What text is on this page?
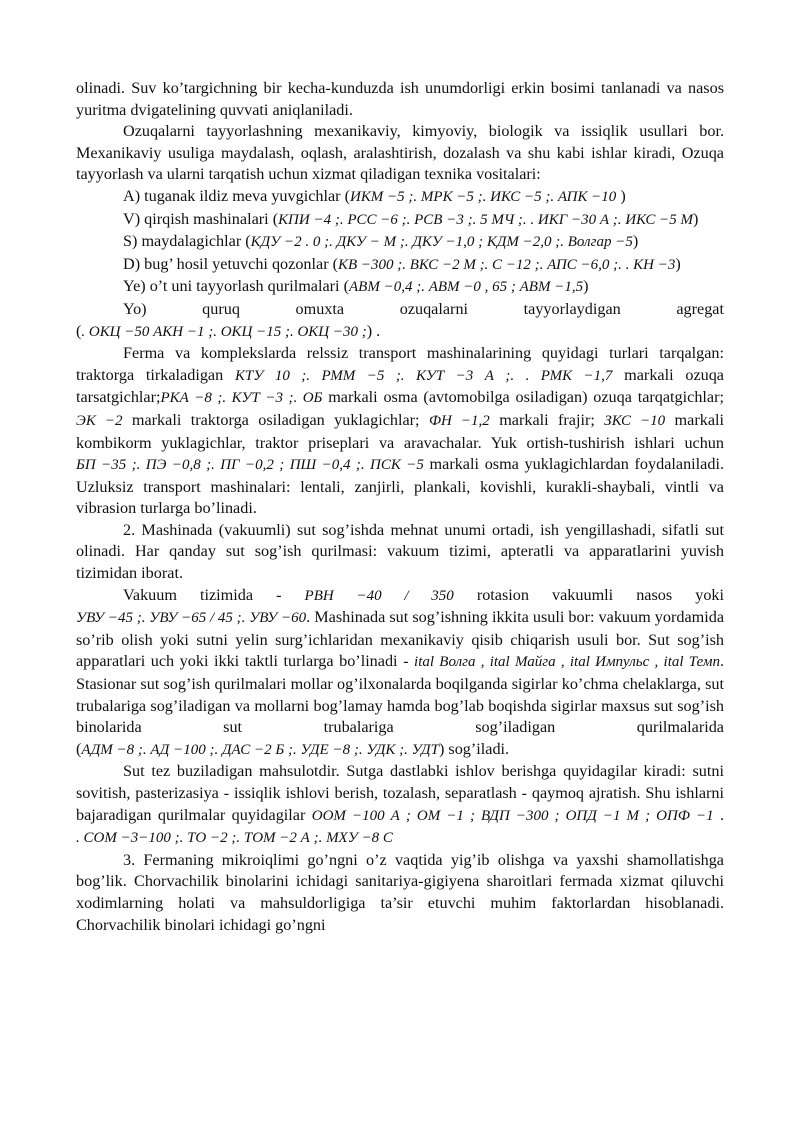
olinadi. Suv ko’targichning bir kecha-kunduzda ish unumdorligi erkin bosimi tanlanadi va nasos yuritma dvigatelining quvvati aniqlaniladi.

Ozuqalarni tayyorlashning mexanikaviy, kimyoviy, biologik va issiqlik usullari bor. Mexanikaviy usuliga maydalash, oqlash, aralashtirish, dozalash va shu kabi ishlar kiradi, Ozuqa tayyorlash va ularni tarqatish uchun xizmat qiladigan texnika vositalari:

A) tuganak ildiz meva yuvgichlar (ИКМ −5 ;. МРК −5 ;. ИКС −5 ;. АПК −10 )

V) qirqish mashinalari (КПИ −4 ;. РСС −6 ;. РСВ −3 ;. 5 МЧ ;. . ИКГ −30 А ;. ИКС −5 М)

S) maydalagichlar (КДУ −2 . 0 ;. ДКУ − М ;. ДКУ −1,0 ; КДМ −2,0 ;. Волгар −5)

D) bug’ hosil yetuvchi qozonlar (КВ −300 ;. ВКС −2 М ;. С −12 ;. АПС −6,0 ;. . КН −3)

Ye) o’t uni tayyorlash qurilmalari (АВМ −0,4 ;. АВМ −0 , 65 ; АВМ −1,5)

Yo) quruq omuxta ozuqalarni tayyorlaydigan agregat (. ОКЦ −50 АКН −1 ;. ОКЦ −15 ;. ОКЦ −30 ;) .

Ferma va komplekslarda relssiz transport mashinalarining quyidagi turlari tarqalgan: traktorga tirkaladigan КТУ 10 ;. РММ −5 ;. КУТ −3 А ;. . РМК −1,7 markali ozuqa tarsatgichlar;РКА −8 ;. КУТ −3 ;. ОБ markali osma (avtomobilga osiladigan) ozuqa tarqatgichlar; ЭК −2 markali traktorga osiladigan yuklagichlar; ФН −1,2 markali frajir; ЗКС −10 markali kombikorm yuklagichlar, traktor priseplari va aravachalar. Yuk ortish-tushirish ishlari uchun БП −35 ;. ПЭ −0,8 ;. ПГ −0,2 ; ПШ −0,4 ;. ПСК −5 markali osma yuklagichlardan foydalaniladi. Uzluksiz transport mashinalari: lentali, zanjirli, plankali, kovishli, kurakli-shaybali, vintli va vibrasion turlarga bo’linadi.

2. Mashinada (vakuumli) sut sog’ishda mehnat unumi ortadi, ish yengillashadi, sifatli sut olinadi. Har qanday sut sog’ish qurilmasi: vakuum tizimi, apteratli va apparatlarini yuvish tizimidan iborat.

Vakuum tizimida - РВН −40 / 350 rotasion vakuumli nasos yoki УВУ −45 ;. УВУ −65 / 45 ;. УВУ −60. Mashinada sut sog’ishning ikkita usuli bor: vakuum yordamida so’rib olish yoki sutni yelin surg’ichlaridan mexanikaviy qisib chiqarish usuli bor. Sut sog’ish apparatlari uch yoki ikki taktli turlarga bo’linadi - ital Волга , ital Майга , ital Импульс , ital Темп. Stasionar sut sog’ish qurilmalari mollar og’ilxonalarda boqilganda sigirlar ko’chma chelaklarga, sut trubalariga sog’iladigan va mollarni bog’lamay hamda bog’lab boqishda sigirlar maxsus sut sog’ish binolarida sut trubalariga sog’iladigan qurilmalarida (АДМ −8 ;. АД −100 ;. ДАС −2 Б ;. УДЕ −8 ;. УДК ;. УДТ) sog’iladi.

Sut tez buziladigan mahsulotdir. Sutga dastlabki ishlov berishga quyidagilar kiradi: sutni sovitish, pasterizasiya - issiqlik ishlovi berish, tozalash, separatlash - qaymoq ajratish. Shu ishlarni bajaradigan qurilmalar quyidagilar ООМ −100 А ; ОМ −1 ; ВДП −300 ; ОПД −1 М ; ОПФ −1 . . СОМ −3−100 ;. ТО −2 ;. ТОМ −2 А ;. МХУ −8 С

3. Fermaning mikroiqlimi go’ngni o’z vaqtida yig’ib olishga va yaxshi shamollatishga bog’lik. Chorvachilik binolarini ichidagi sanitariya-gigiyena sharoitlari fermada xizmat qiluvchi xodimlarning holati va mahsuldorligiga ta’sir etuvchi muhim faktorlardan hisoblanadi. Chorvachilik binolari ichidagi go’ngni
